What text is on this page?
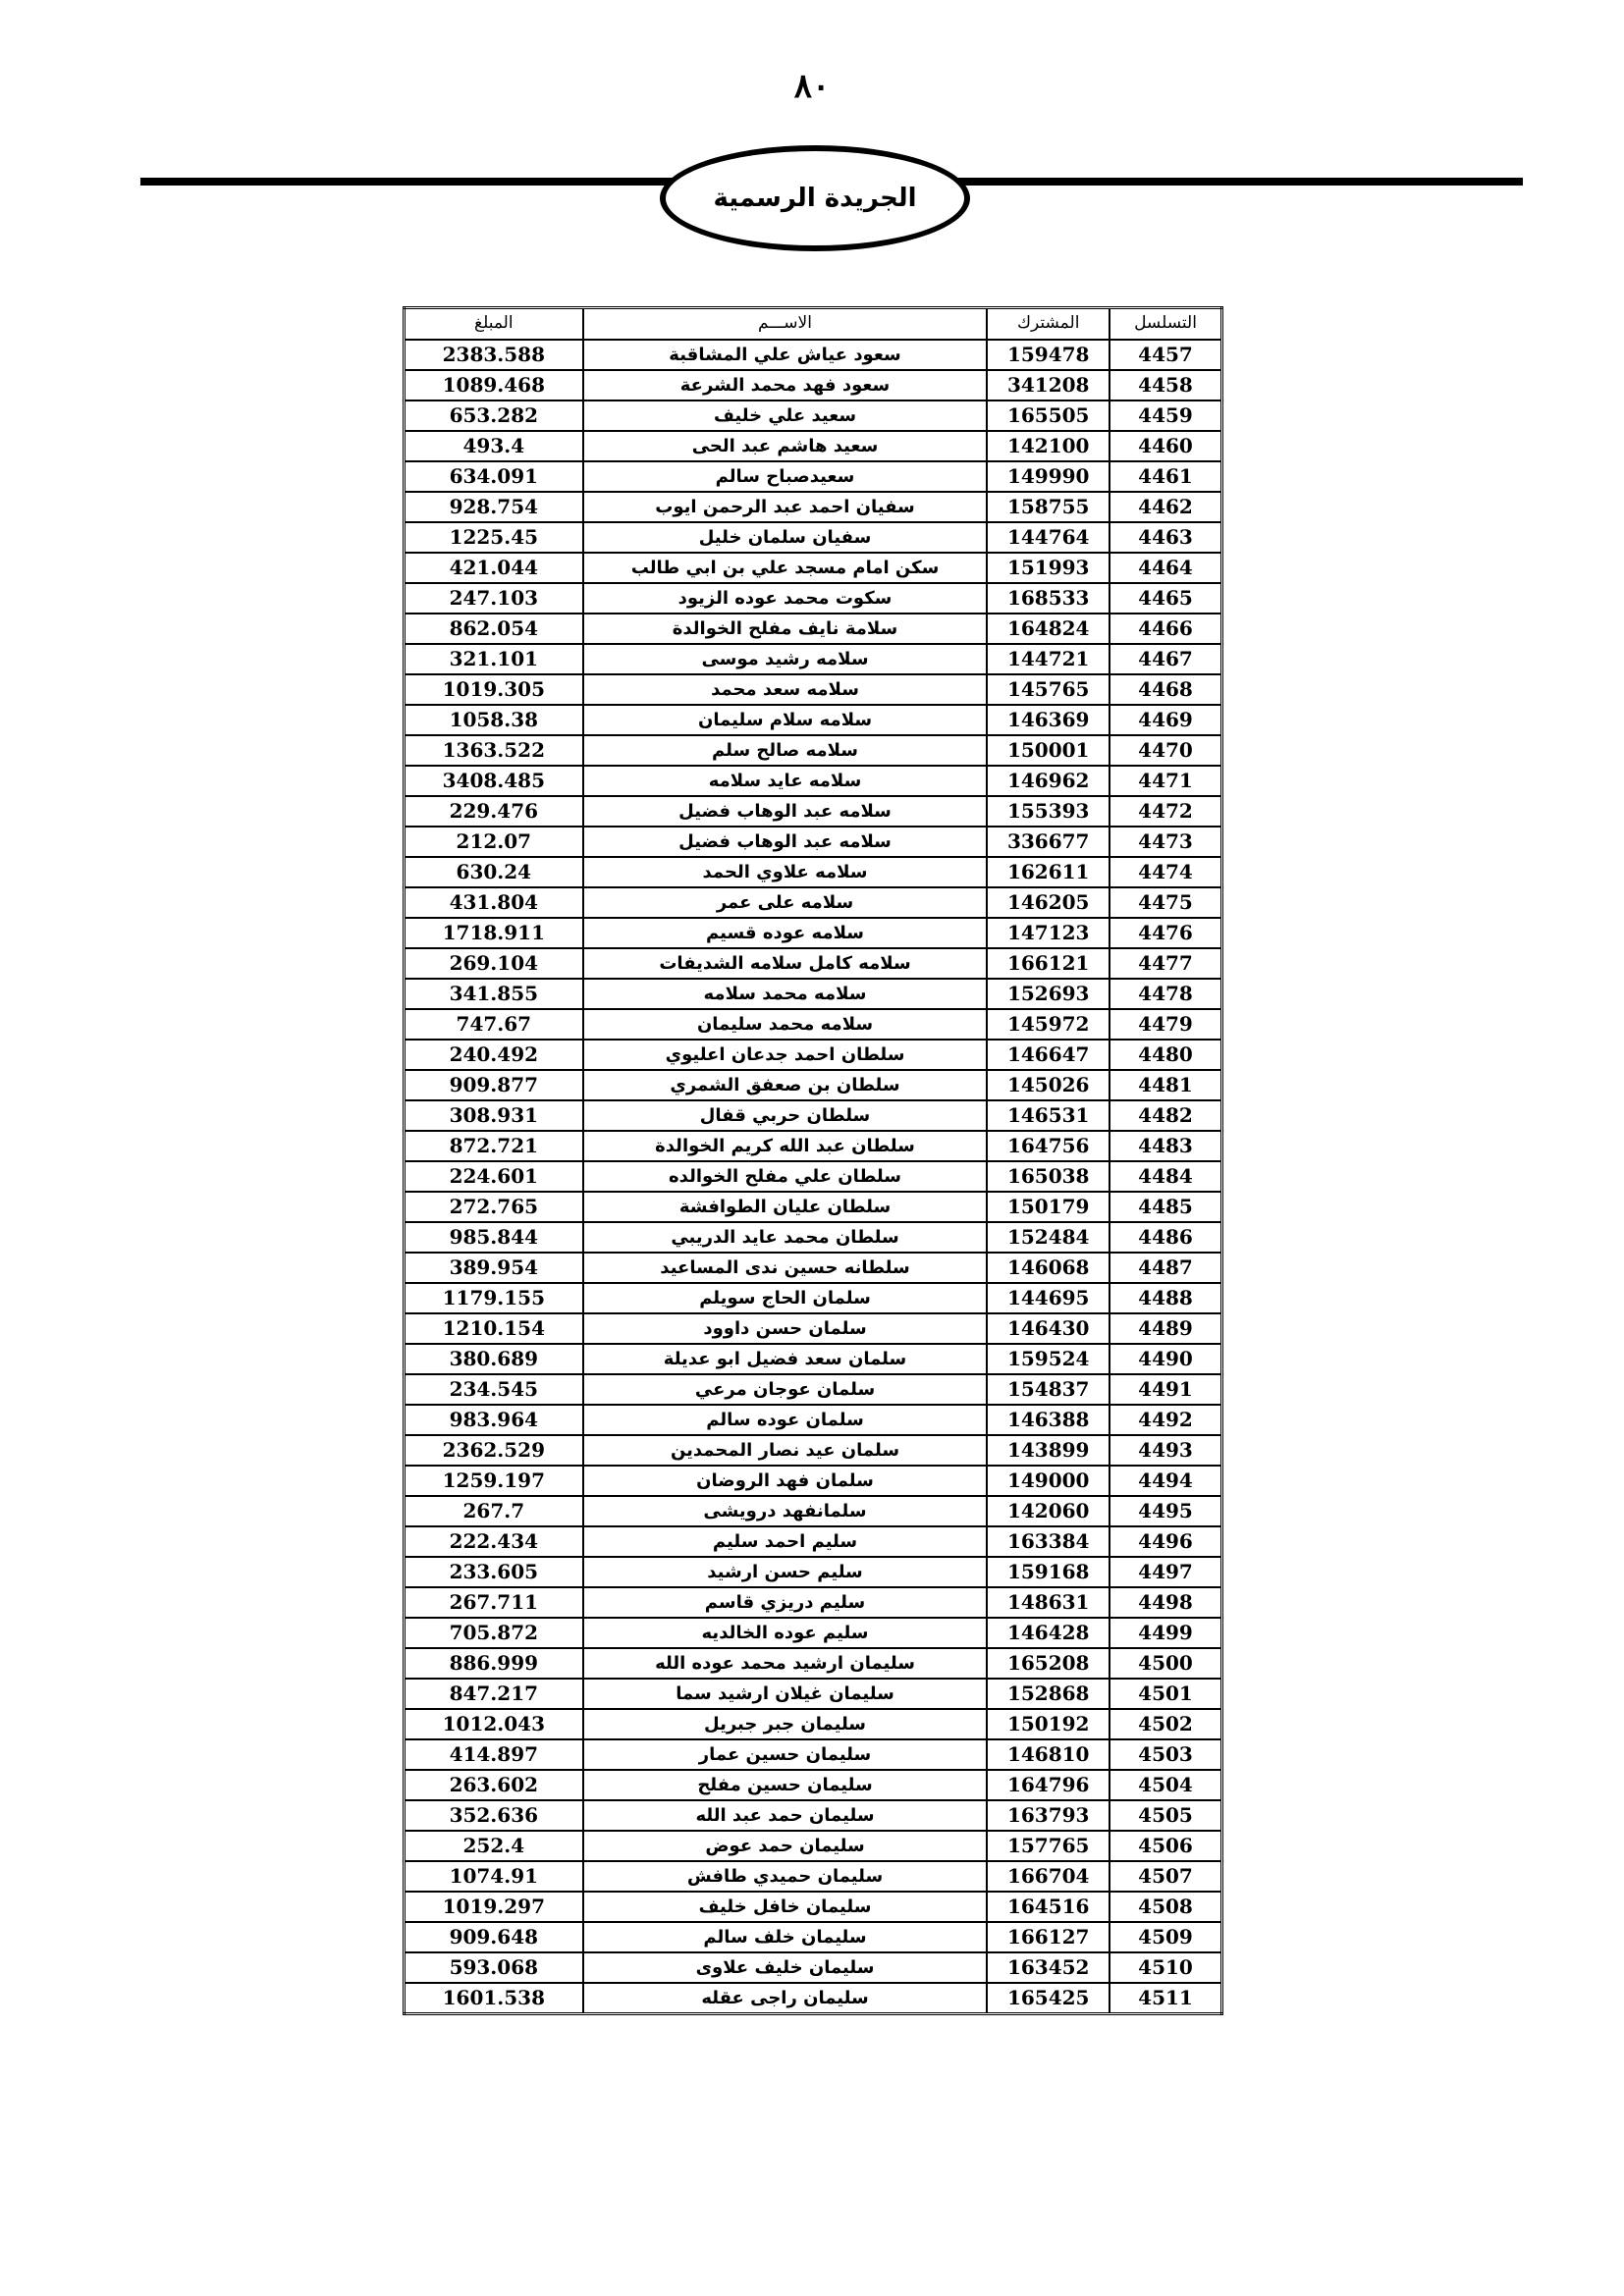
٨٠
الجريدة الرسمية
التسلسل	المشترك	الاســـم	المبلغ
4457	159478	سعود عياش علي المشاقبة	2383.588
4458	341208	سعود فهد محمد الشرعة	1089.468
4459	165505	سعيد علي خليف	653.282
4460	142100	سعيد هاشم عبد الحى	493.4
4461	149990	سعيدصباح سالم	634.091
4462	158755	سفيان احمد عبد الرحمن ايوب	928.754
4463	144764	سفيان سلمان خليل	1225.45
4464	151993	سكن امام مسجد علي بن ابي طالب	421.044
4465	168533	سكوت محمد عوده الزيود	247.103
4466	164824	سلامة نايف مفلح الخوالدة	862.054
4467	144721	سلامه رشيد موسى	321.101
4468	145765	سلامه سعد محمد	1019.305
4469	146369	سلامه سلام سليمان	1058.38
4470	150001	سلامه صالح سلم	1363.522
4471	146962	سلامه عايد سلامه	3408.485
4472	155393	سلامه عبد الوهاب فضيل	229.476
4473	336677	سلامه عبد الوهاب فضيل	212.07
4474	162611	سلامه علاوي الحمد	630.24
4475	146205	سلامه على عمر	431.804
4476	147123	سلامه عوده قسيم	1718.911
4477	166121	سلامه كامل سلامه الشديفات	269.104
4478	152693	سلامه محمد سلامه	341.855
4479	145972	سلامه محمد سليمان	747.67
4480	146647	سلطان احمد جدعان اعليوي	240.492
4481	145026	سلطان بن صعفق الشمري	909.877
4482	146531	سلطان حربي قفال	308.931
4483	164756	سلطان عبد الله كريم الخوالدة	872.721
4484	165038	سلطان علي مفلح الخوالده	224.601
4485	150179	سلطان عليان الطوافشة	272.765
4486	152484	سلطان محمد عايد الدريبي	985.844
4487	146068	سلطانه حسين ندى المساعيد	389.954
4488	144695	سلمان الحاج سويلم	1179.155
4489	146430	سلمان حسن داوود	1210.154
4490	159524	سلمان سعد فضيل ابو عديلة	380.689
4491	154837	سلمان عوجان مرعي	234.545
4492	146388	سلمان عوده سالم	983.964
4493	143899	سلمان عيد نصار المحمدين	2362.529
4494	149000	سلمان فهد الروضان	1259.197
4495	142060	سلمانفهد درويشى	267.7
4496	163384	سليم احمد سليم	222.434
4497	159168	سليم حسن ارشيد	233.605
4498	148631	سليم دريزي قاسم	267.711
4499	146428	سليم عوده الخالديه	705.872
4500	165208	سليمان ارشيد محمد عوده الله	886.999
4501	152868	سليمان غيلان ارشيد سما	847.217
4502	150192	سليمان جبر جبريل	1012.043
4503	146810	سليمان حسين عمار	414.897
4504	164796	سليمان حسين مفلح	263.602
4505	163793	سليمان حمد عبد الله	352.636
4506	157765	سليمان حمد عوض	252.4
4507	166704	سليمان حميدي طافش	1074.91
4508	164516	سليمان خافل خليف	1019.297
4509	166127	سليمان خلف سالم	909.648
4510	163452	سليمان خليف علاوى	593.068
4511	165425	سليمان راجى عقله	1601.538
